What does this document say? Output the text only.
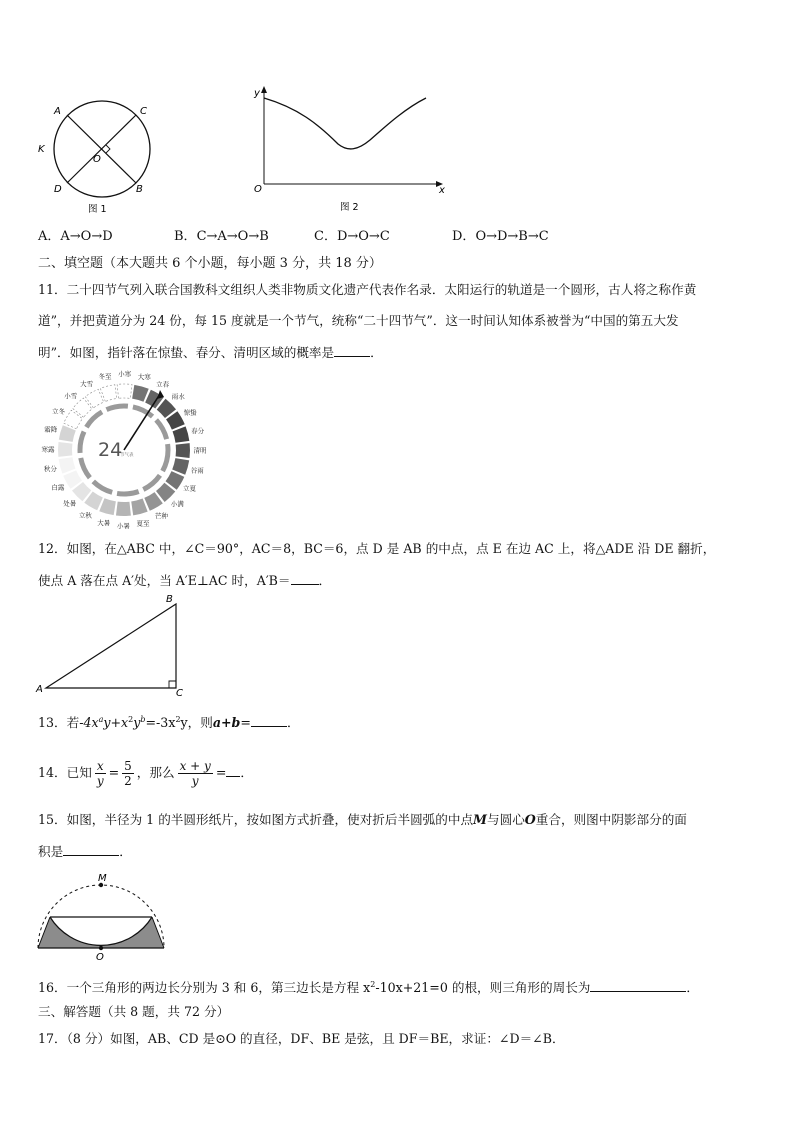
A	C
K
O
D	B
图 1
y
O	x
图 2
A．A→O→D	B．C→A→O→B	C．D→O→C	D．O→D→B→C
二、填空题（本大题共 6 个小题，每小题 3 分，共 18 分）
11．二十四节气列入联合国教科文组织人类非物质文化遗产代表作名录．太阳运行的轨道是一个圆形，古人将之称作黄
道”，并把黄道分为 24 份，每 15 度就是一个节气，统称“二十四节气”．这一时间认知体系被誉为“中国的第五大发
明”．如图，指针落在惊蛰、春分、清明区域的概率是	．
24
节气表
冬至 小寒 大寒
立春
雨水
惊蛰
春分
清明
谷雨
立夏
小满
芒种
夏至
小暑
大暑
立秋
处暑
白露
秋分
寒露
霜降
立冬
小雪
大雪
12．如图，在△ABC 中，∠C＝90°，AC＝8，BC＝6，点 D 是 AB 的中点，点 E 在边 AC 上，将△ADE 沿 DE 翻折，
使点 A 落在点 A′处，当 A′E⊥AC 时，A′B＝ ．
A
B
C
13．若$-4x^ay+x^2y^b=-3x^2y$，则a+b=	．
14．已知 $\frac{x}{y} = \frac{5}{2}$ ，那么 $\frac{x + y}{y}$ = ．
15．如图，半径为 1 的半圆形纸片，按如图方式折叠，使对折后半圆弧的中点M与圆心O重合，则图中阴影部分的面
积是	．
M
O
16．一个三角形的两边长分别为 3 和 6，第三边长是方程 $x^2-10x+21=0$ 的根，则三角形的周长为	．
三、解答题（共 8 题，共 72 分）
17．（8 分）如图，AB、CD 是⊙O 的直径，DF、BE 是弦，且 DF＝BE，求证：∠D＝∠B．
